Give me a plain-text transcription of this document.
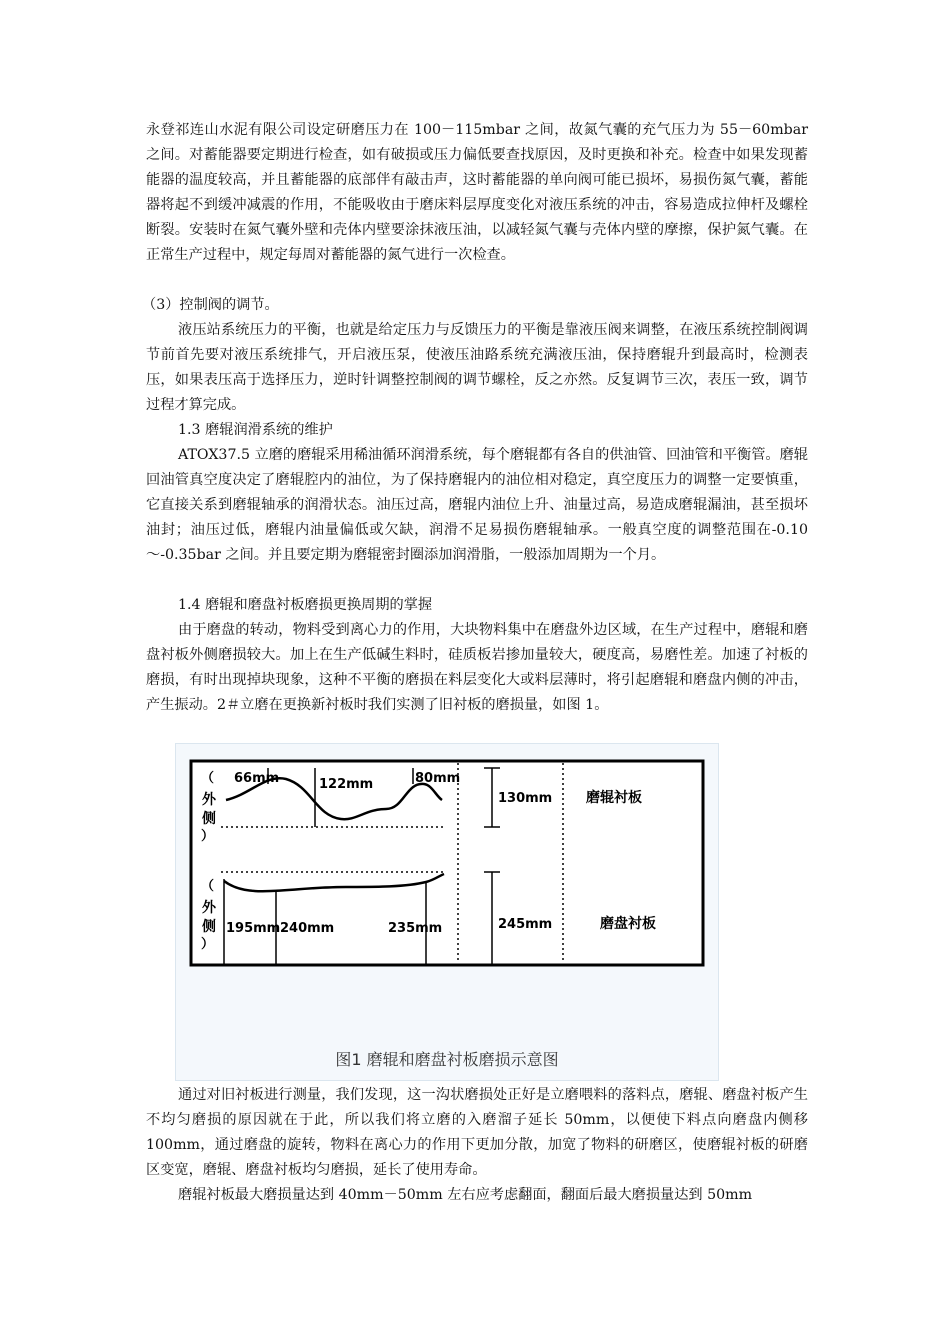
永登祁连山水泥有限公司设定研磨压力在 100－115mbar 之间，故氮气囊的充气压力为 55－60mbar 之间。对蓄能器要定期进行检查，如有破损或压力偏低要查找原因，及时更换和补充。检查中如果发现蓄能器的温度较高，并且蓄能器的底部伴有敲击声，这时蓄能器的单向阀可能已损坏，易损伤氮气囊，蓄能器将起不到缓冲减震的作用，不能吸收由于磨床料层厚度变化对液压系统的冲击，容易造成拉伸杆及螺栓断裂。安装时在氮气囊外壁和壳体内壁要涂抹液压油，以减轻氮气囊与壳体内壁的摩擦，保护氮气囊。在正常生产过程中，规定每周对蓄能器的氮气进行一次检查。

（3）控制阀的调节。

液压站系统压力的平衡，也就是给定压力与反馈压力的平衡是靠液压阀来调整，在液压系统控制阀调节前首先要对液压系统排气，开启液压泵，使液压油路系统充满液压油，保持磨辊升到最高时，检测表压，如果表压高于选择压力，逆时针调整控制阀的调节螺栓，反之亦然。反复调节三次，表压一致，调节过程才算完成。

1.3 磨辊润滑系统的维护

ATOX37.5 立磨的磨辊采用稀油循环润滑系统，每个磨辊都有各自的供油管、回油管和平衡管。磨辊回油管真空度决定了磨辊腔内的油位，为了保持磨辊内的油位相对稳定，真空度压力的调整一定要慎重，它直接关系到磨辊轴承的润滑状态。油压过高，磨辊内油位上升、油量过高，易造成磨辊漏油，甚至损坏油封；油压过低，磨辊内油量偏低或欠缺，润滑不足易损伤磨辊轴承。一般真空度的调整范围在-0.10～-0.35bar 之间。并且要定期为磨辊密封圈添加润滑脂，一般添加周期为一个月。

1.4 磨辊和磨盘衬板磨损更换周期的掌握

由于磨盘的转动，物料受到离心力的作用，大块物料集中在磨盘外边区域，在生产过程中，磨辊和磨盘衬板外侧磨损较大。加上在生产低碱生料时，硅质板岩掺加量较大，硬度高，易磨性差。加速了衬板的磨损，有时出现掉块现象，这种不平衡的磨损在料层变化大或料层薄时，将引起磨辊和磨盘内侧的冲击，产生振动。2＃立磨在更换新衬板时我们实测了旧衬板的磨损量，如图 1。

（
外
侧
）
66mm	122mm	80mm
130mm 磨辊衬板
（
外
侧
）
195mm 240mm	235mm	245mm	磨盘衬板
图1 磨辊和磨盘衬板磨损示意图

通过对旧衬板进行测量，我们发现，这一沟状磨损处正好是立磨喂料的落料点，磨辊、磨盘衬板产生不均匀磨损的原因就在于此，所以我们将立磨的入磨溜子延长 50mm，以便使下料点向磨盘内侧移 100mm，通过磨盘的旋转，物料在离心力的作用下更加分散，加宽了物料的研磨区，使磨辊衬板的研磨区变宽，磨辊、磨盘衬板均匀磨损，延长了使用寿命。

磨辊衬板最大磨损量达到 40mm－50mm 左右应考虑翻面，翻面后最大磨损量达到 50mm
